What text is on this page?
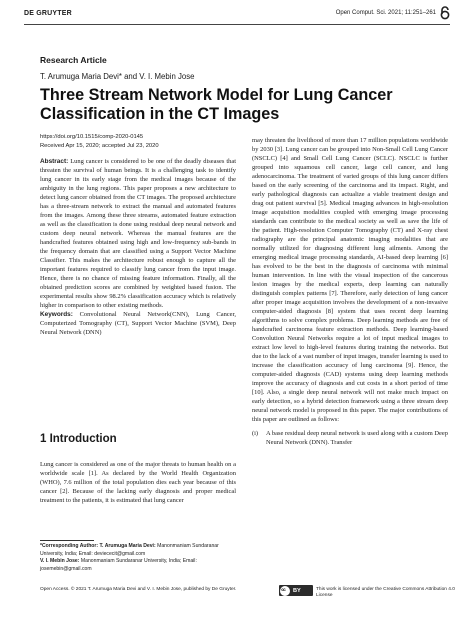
DE GRUYTER	Open Comput. Sci. 2021; 11:251–261
Research Article
T. Arumuga Maria Devi* and V. I. Mebin Jose
Three Stream Network Model for Lung Cancer Classification in the CT Images
https://doi.org/10.1515/comp-2020-0145
Received Apr 15, 2020; accepted Jul 23, 2020

Abstract: Lung cancer is considered to be one of the deadly diseases that threaten the survival of human beings. It is a challenging task to identify lung cancer in its early stage from the medical images because of the ambiguity in the lung regions. This paper proposes a new architecture to detect lung cancer obtained from the CT images. The proposed architecture has a three-stream network to extract the manual and automated features from the images. Among these three streams, automated feature extraction as well as the classification is done using residual deep neural network and custom deep neural network. Whereas the manual features are the handcrafted features obtained using high and low-frequency sub-bands in the frequency domain that are classified using a Support Vector Machine Classifier. This makes the architecture robust enough to capture all the important features required to classify lung cancer from the input image. Hence, there is no chance of missing feature information. Finally, all the obtained prediction scores are combined by weighted based fusion. The experimental results show 98.2% classification accuracy which is relatively higher in comparison to other existing methods.

Keywords: Convolutional Neural Network(CNN), Lung Cancer, Computerized Tomography (CT), Support Vector Machine (SVM), Deep Neural Network (DNN)

1 Introduction

Lung cancer is considered as one of the major threats to human health on a worldwide scale [1]. As declared by the World Health Organization (WHO), 7.6 million of the total population dies each year because of this cancer [2]. Because of the lacking early diagnosis and proper medical treatment to the patients, it is estimated that lung cancer

may threaten the livelihood of more than 17 million populations worldwide by 2030 [3]. Lung cancer can be grouped into Non-Small Cell Lung Cancer (NSCLC) [4] and Small Cell Lung Cancer (SCLC). NSCLC is further grouped into squamous cell cancer, large cell cancer, and lung adenocarcinoma. The treatment of varied groups of this lung cancer differs based on the early screening of the carcinoma and its impact. Right, and early pathological diagnosis can actualize a viable treatment design and drag out patient survival [5]. Medical imaging advances in high-resolution image acquisition modalities coupled with emerging image processing standards can contribute to the medical society as well as save the life of the patient. High-resolution Computer Tomography (CT) and X-ray chest radiography are the principal anatomic imaging modalities that are normally utilized for diagnosing different lung ailments. Among the emerging medical image processing standards, AI-based deep learning [6] has evolved to be the best in the diagnosis of carcinoma with minimal human intervention. In line with the visual inspection of the cancerous lesion images by the medical experts, deep learning can naturally distinguish complex patterns [7]. Therefore, early detection of lung cancer after proper image acquisition involves the development of a non-invasive computer-aided diagnosis [8] system that uses recent deep learning algorithms to solve complex problems. Deep learning methods are free of handcrafted carcinoma feature extraction methods. Deep learning-based Convolution Neural Networks require a lot of input medical images to extract low level to high-level features during training the networks. But due to the lack of a vast number of input images, transfer learning is used to increase the classification accuracy of lung carcinoma [9]. Hence, the computer-aided diagnosis (CAD) systems using deep learning methods improve the accuracy of diagnosis and cut costs in a short period of time [10]. Also, a single deep neural network will not make much impact on early detection, so a hybrid detection framework using a three stream deep neural network model is proposed in this paper. The major contributions of this paper are outlined as follows:

(i)	A base residual deep neural network is used along with a custom Deep Neural Network (DNN). Transfer

*Corresponding Author: T. Arumuga Maria Devi: Manonmaniam Sundaranar University, India; Email: deviececit@gmail.com

V. I. Mebin Jose: Manonmaniam Sundaranar University, India; Email: josemebin@gmail.com

Open Access. © 2021 T. Arumuga Maria Devi and V. I. Mebin Jose, published by De Gruyter.	cc BY	This work is licensed under the Creative Commons Attribution 4.0 License
